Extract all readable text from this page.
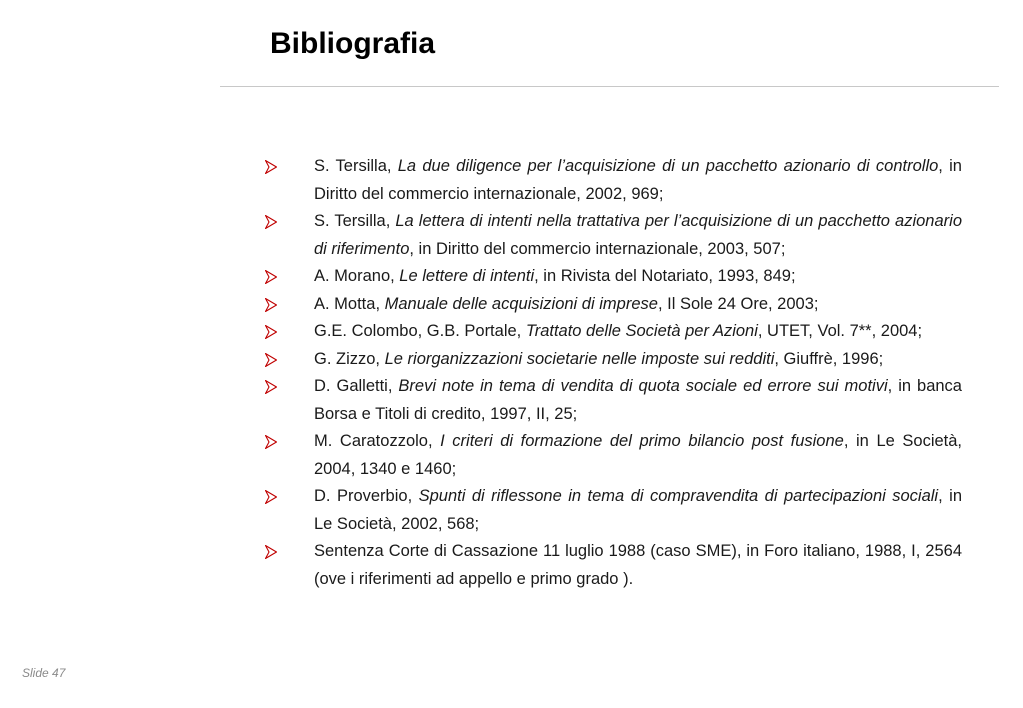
Bibliografia
S. Tersilla, La due diligence per l’acquisizione di un pacchetto azionario di controllo, in Diritto del commercio internazionale, 2002, 969;
S. Tersilla, La lettera di intenti nella trattativa per l’acquisizione di un pacchetto azionario di riferimento, in Diritto del commercio internazionale, 2003, 507;
A. Morano, Le lettere di intenti, in Rivista del Notariato, 1993, 849;
A. Motta, Manuale delle acquisizioni di imprese, Il Sole 24 Ore, 2003;
G.E. Colombo, G.B. Portale, Trattato delle Società per Azioni, UTET, Vol. 7**, 2004;
G. Zizzo, Le riorganizzazioni societarie nelle imposte sui redditi, Giuffrè, 1996;
D. Galletti, Brevi note in tema di vendita di quota sociale ed errore sui motivi, in banca Borsa e Titoli di credito, 1997, II, 25;
M. Caratozzolo, I criteri di formazione del primo bilancio post fusione, in Le Società, 2004, 1340 e 1460;
D. Proverbio, Spunti di riflessone in tema di compravendita di partecipazioni sociali, in Le Società, 2002, 568;
Sentenza Corte di Cassazione 11 luglio 1988 (caso SME), in Foro italiano, 1988, I, 2564 (ove i riferimenti ad appello e primo grado ).
Slide 47
